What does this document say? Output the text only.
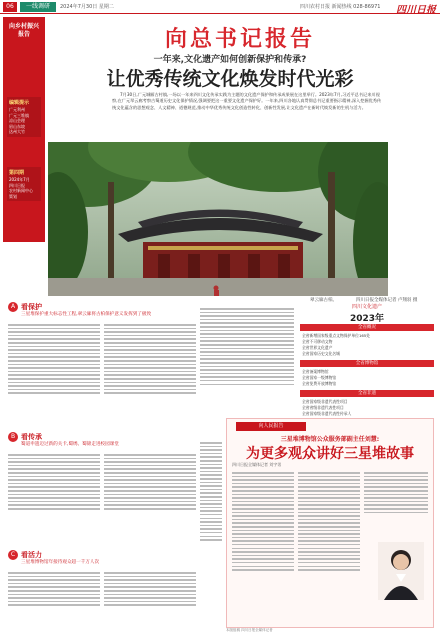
06	一线调研	2024年7月30日 星期二	四川农村日报 新闻热线 028-86971 四川日报
向乡村振兴报告
编辑提示
广元利州
广元三堆镇
凉山会理
眉山东坡
达州大竹
第四期
2024年7月
四川日报
农村新闻中心
策划
向总书记报告
一年来,文化遗产如何创新保护和传承?
让优秀传统文化焕发时代光彩
7月30日,广元城厢古村镇,一场以一年来四川文化传承实践为主题的文化遗产保护和传承成果展在这里举行。2023年7月,习近平总书记来川视察,在广元翠云廊考察古蜀道历史文化保护情况,强调要把这一重要文化遗产保护好。一年来,四川各地认真贯彻总书记重要指示精神,深入挖掘优秀传统文化蕴含的思想观念、人文精神、道德规范,推动中华优秀传统文化创造性转化、创新性发展,让文化遗产在新时代焕发新的生机与活力。
翠云廊古柏。	四川日报全媒体记者 卢翔羽 摄
A 看保护
三星堆保护重大标志性工程,翠云廊将古柏保护意义发挥到了极致
B 看传承
蜀道申遗迈过新的关卡,蜀绣、蜀锦走进校园课堂
C 看活力
三星堆博物馆年接待观众超一千万人次
四川文化遗产
2023年
全省概况
全省新增国家级重点文物保护单位165处
全省不可移动文物
全省世界文化遗产
全省国家历史文化名城
全省博物馆
全省备案博物馆
全省国家一级博物馆
全省免费开放博物馆
全省非遗
全省国家级非遗代表性项目
全省省级非遗代表性项目
全省国家级非遗代表性传承人
向人民报告
三星堆博物馆公众服务部副主任刘慧:
为更多观众讲好三星堆故事
四川日报全媒体记者 刘宇男
本版组稿 四川日报全媒体记者
